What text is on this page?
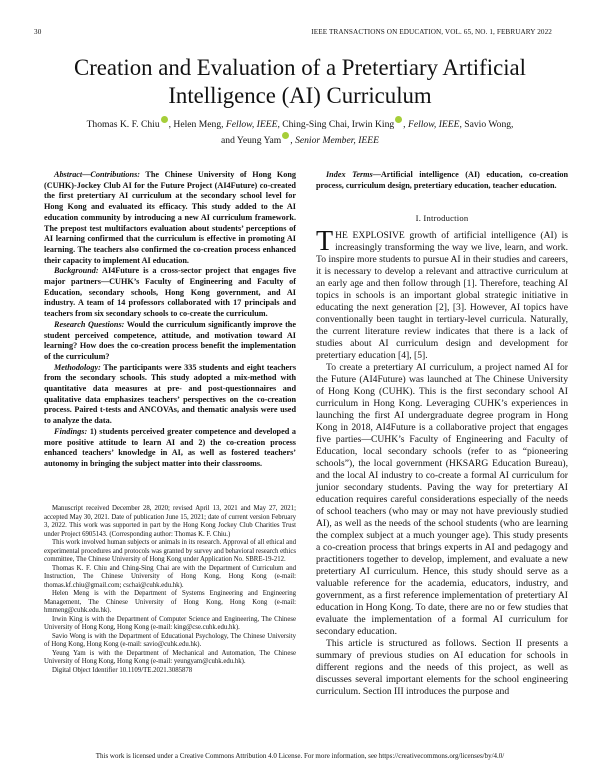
30	IEEE TRANSACTIONS ON EDUCATION, VOL. 65, NO. 1, FEBRUARY 2022
Creation and Evaluation of a Pretertiary Artificial Intelligence (AI) Curriculum
Thomas K. F. Chiu , Helen Meng, Fellow, IEEE, Ching-Sing Chai, Irwin King , Fellow, IEEE, Savio Wong,
and Yeung Yam , Senior Member, IEEE

Abstract—Contributions: The Chinese University of Hong Kong (CUHK)-Jockey Club AI for the Future Project (AI4Future) co-created the first pretertiary AI curriculum at the secondary school level for Hong Kong and evaluated its efficacy. This study added to the AI education community by introducing a new AI curriculum framework. The prepost test multifactors evaluation about students’ perceptions of AI learning confirmed that the curriculum is effective in promoting AI learning. The teachers also confirmed the co-creation process enhanced their capacity to implement AI education.

Background: AI4Future is a cross-sector project that engages five major partners—CUHK’s Faculty of Engineering and Faculty of Education, secondary schools, Hong Kong government, and AI industry. A team of 14 professors collaborated with 17 principals and teachers from six secondary schools to co-create the curriculum.

Research Questions: Would the curriculum significantly improve the student perceived competence, attitude, and motivation toward AI learning? How does the co-creation process benefit the implementation of the curriculum?

Methodology: The participants were 335 students and eight teachers from the secondary schools. This study adopted a mix-method with quantitative data measures at pre- and post-questionnaires and qualitative data emphasizes teachers’ perspectives on the co-creation process. Paired t-tests and ANCOVAs, and thematic analysis were used to analyze the data.

Findings: 1) students perceived greater competence and developed a more positive attitude to learn AI and 2) the co-creation process enhanced teachers’ knowledge in AI, as well as fostered teachers’ autonomy in bringing the subject matter into their classrooms.

Manuscript received December 28, 2020; revised April 13, 2021 and May 27, 2021; accepted May 30, 2021. Date of publication June 15, 2021; date of current version February 3, 2022. This work was supported in part by the Hong Kong Jockey Club Charities Trust under Project 6905143. (Corresponding author: Thomas K. F. Chiu.)

This work involved human subjects or animals in its research. Approval of all ethical and experimental procedures and protocols was granted by survey and behavioral research ethics committee, The Chinese University of Hong Kong under Application No. SBRE-19-212.

Thomas K. F. Chiu and Ching-Sing Chai are with the Department of Curriculum and Instruction, The Chinese University of Hong Kong, Hong Kong (e-mail: thomas.kf.chiu@gmail.com; cschai@cuhk.edu.hk).

Helen Meng is with the Department of Systems Engineering and Engineering Management, The Chinese University of Hong Kong, Hong Kong (e-mail: hmmeng@cuhk.edu.hk).

Irwin King is with the Department of Computer Science and Engineering, The Chinese University of Hong Kong, Hong Kong (e-mail: king@cse.cuhk.edu.hk).

Savio Wong is with the Department of Educational Psychology, The Chinese University of Hong Kong, Hong Kong (e-mail: savio@cuhk.edu.hk).

Yeung Yam is with the Department of Mechanical and Automation, The Chinese University of Hong Kong, Hong Kong (e-mail: yeungyam@cuhk.edu.hk).

Digital Object Identifier 10.1109/TE.2021.3085878

Index Terms—Artificial intelligence (AI) education, co-creation process, curriculum design, pretertiary education, teacher education.

I. Introduction

THE EXPLOSIVE growth of artificial intelligence (AI) is increasingly transforming the way we live, learn, and work. To inspire more students to pursue AI in their studies and careers, it is necessary to develop a relevant and attractive curriculum at an early age and then follow through [1]. Therefore, teaching AI topics in schools is an important global strategic initiative in educating the next generation [2], [3]. However, AI topics have conventionally been taught in tertiary-level curricula. Naturally, the current literature review indicates that there is a lack of studies about AI curriculum design and development for pretertiary education [4], [5].

To create a pretertiary AI curriculum, a project named AI for the Future (AI4Future) was launched at The Chinese University of Hong Kong (CUHK). This is the first secondary school AI curriculum in Hong Kong. Leveraging CUHK’s experiences in launching the first AI undergraduate degree program in Hong Kong in 2018, AI4Future is a collaborative project that engages five parties—CUHK’s Faculty of Engineering and Faculty of Education, local secondary schools (refer to as “pioneering schools”), the local government (HKSARG Education Bureau), and the local AI industry to co-create a formal AI curriculum for junior secondary students. Paving the way for pretertiary AI education requires careful considerations especially of the needs of school teachers (who may or may not have previously studied AI), as well as the needs of the school students (who are learning the complex subject at a much younger age). This study presents a co-creation process that brings experts in AI and pedagogy and practitioners together to develop, implement, and evaluate a new pretertiary AI curriculum. Hence, this study should serve as a valuable reference for the academia, educators, industry, and government, as a first reference implementation of pretertiary AI education in Hong Kong. To date, there are no or few studies that evaluate the implementation of a formal AI curriculum for secondary education.

This article is structured as follows. Section II presents a summary of previous studies on AI education for schools in different regions and the needs of this project, as well as discusses several important elements for the school engineering curriculum. Section III introduces the purpose and

This work is licensed under a Creative Commons Attribution 4.0 License. For more information, see https://creativecommons.org/licenses/by/4.0/
